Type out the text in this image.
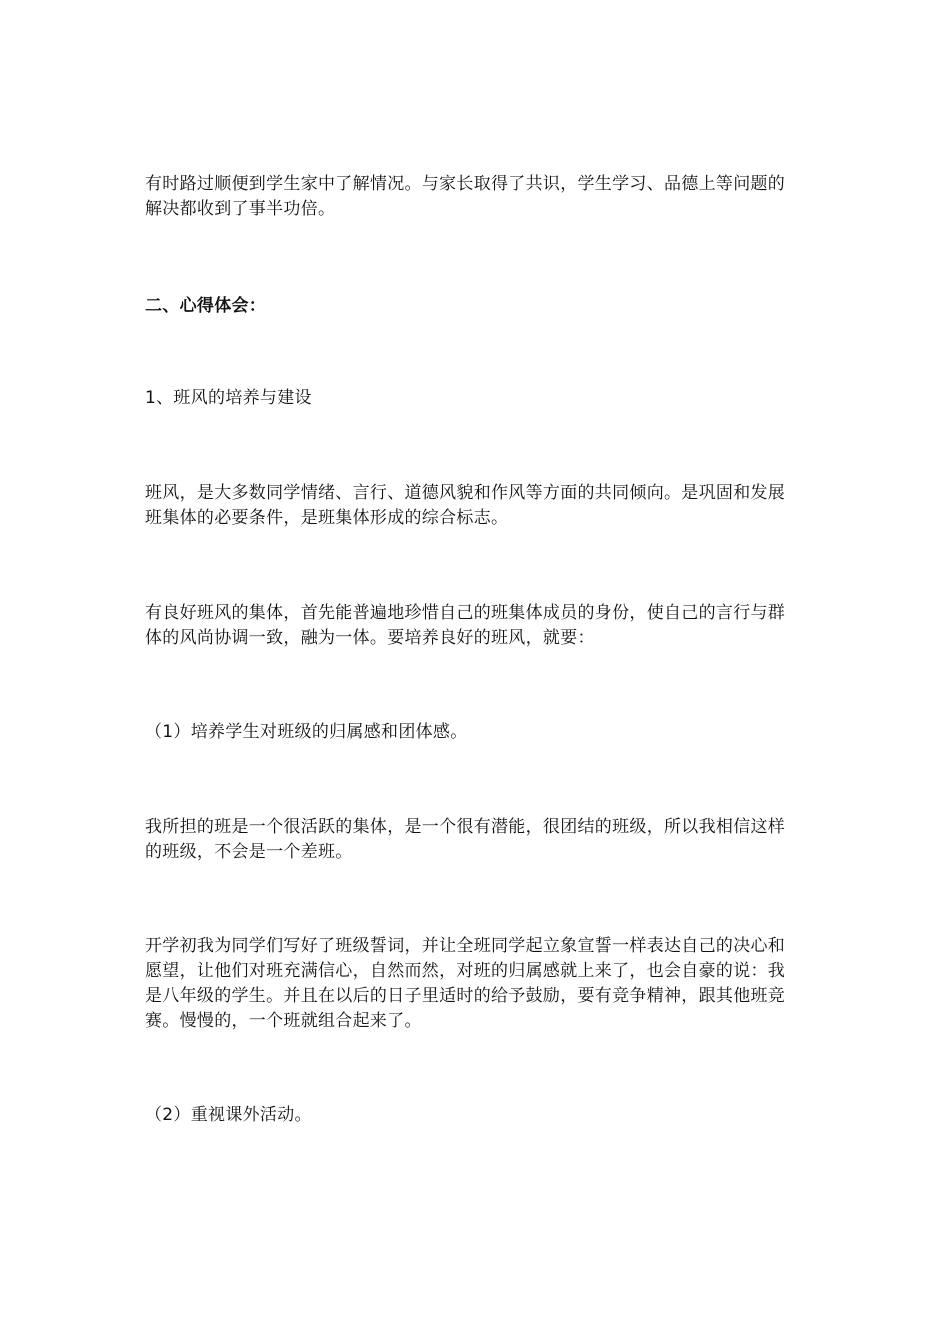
有时路过顺便到学生家中了解情况。与家长取得了共识，学生学习、品德上等问题的解决都收到了事半功倍。

二、心得体会：

1、班风的培养与建设

班风，是大多数同学情绪、言行、道德风貌和作风等方面的共同倾向。是巩固和发展班集体的必要条件，是班集体形成的综合标志。

有良好班风的集体，首先能普遍地珍惜自己的班集体成员的身份，使自己的言行与群体的风尚协调一致，融为一体。要培养良好的班风，就要：

（1）培养学生对班级的归属感和团体感。

我所担的班是一个很活跃的集体，是一个很有潜能，很团结的班级，所以我相信这样的班级，不会是一个差班。

开学初我为同学们写好了班级誓词，并让全班同学起立象宣誓一样表达自己的决心和愿望，让他们对班充满信心，自然而然，对班的归属感就上来了，也会自豪的说：我是八年级的学生。并且在以后的日子里适时的给予鼓励，要有竞争精神，跟其他班竞赛。慢慢的，一个班就组合起来了。

（2）重视课外活动。
